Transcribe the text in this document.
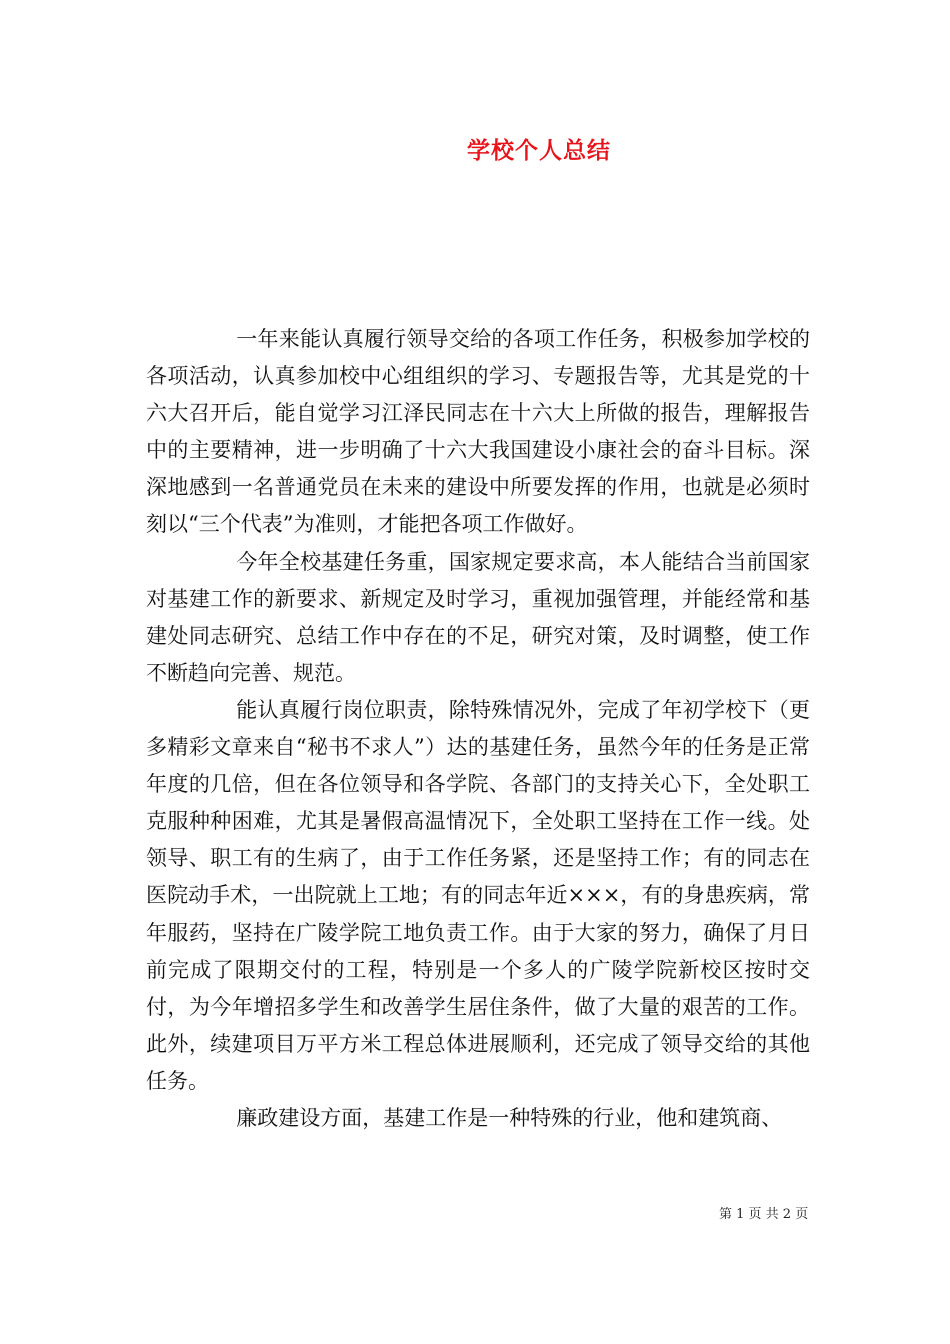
学校个人总结

一年来能认真履行领导交给的各项工作任务，积极参加学校的各项活动，认真参加校中心组组织的学习、专题报告等，尤其是党的十六大召开后，能自觉学习江泽民同志在十六大上所做的报告，理解报告中的主要精神，进一步明确了十六大我国建设小康社会的奋斗目标。深深地感到一名普通党员在未来的建设中所要发挥的作用，也就是必须时刻以“三个代表”为准则，才能把各项工作做好。

今年全校基建任务重，国家规定要求高，本人能结合当前国家对基建工作的新要求、新规定及时学习，重视加强管理，并能经常和基建处同志研究、总结工作中存在的不足，研究对策，及时调整，使工作不断趋向完善、规范。

能认真履行岗位职责，除特殊情况外，完成了年初学校下（更多精彩文章来自“秘书不求人”）达的基建任务，虽然今年的任务是正常年度的几倍，但在各位领导和各学院、各部门的支持关心下，全处职工克服种种困难，尤其是暑假高温情况下，全处职工坚持在工作一线。处领导、职工有的生病了，由于工作任务紧，还是坚持工作；有的同志在医院动手术，一出院就上工地；有的同志年近×××，有的身患疾病，常年服药，坚持在广陵学院工地负责工作。由于大家的努力，确保了月日前完成了限期交付的工程，特别是一个多人的广陵学院新校区按时交付，为今年增招多学生和改善学生居住条件，做了大量的艰苦的工作。此外，续建项目万平方米工程总体进展顺利，还完成了领导交给的其他任务。

廉政建设方面，基建工作是一种特殊的行业，他和建筑商、

第 1 页 共 2 页
